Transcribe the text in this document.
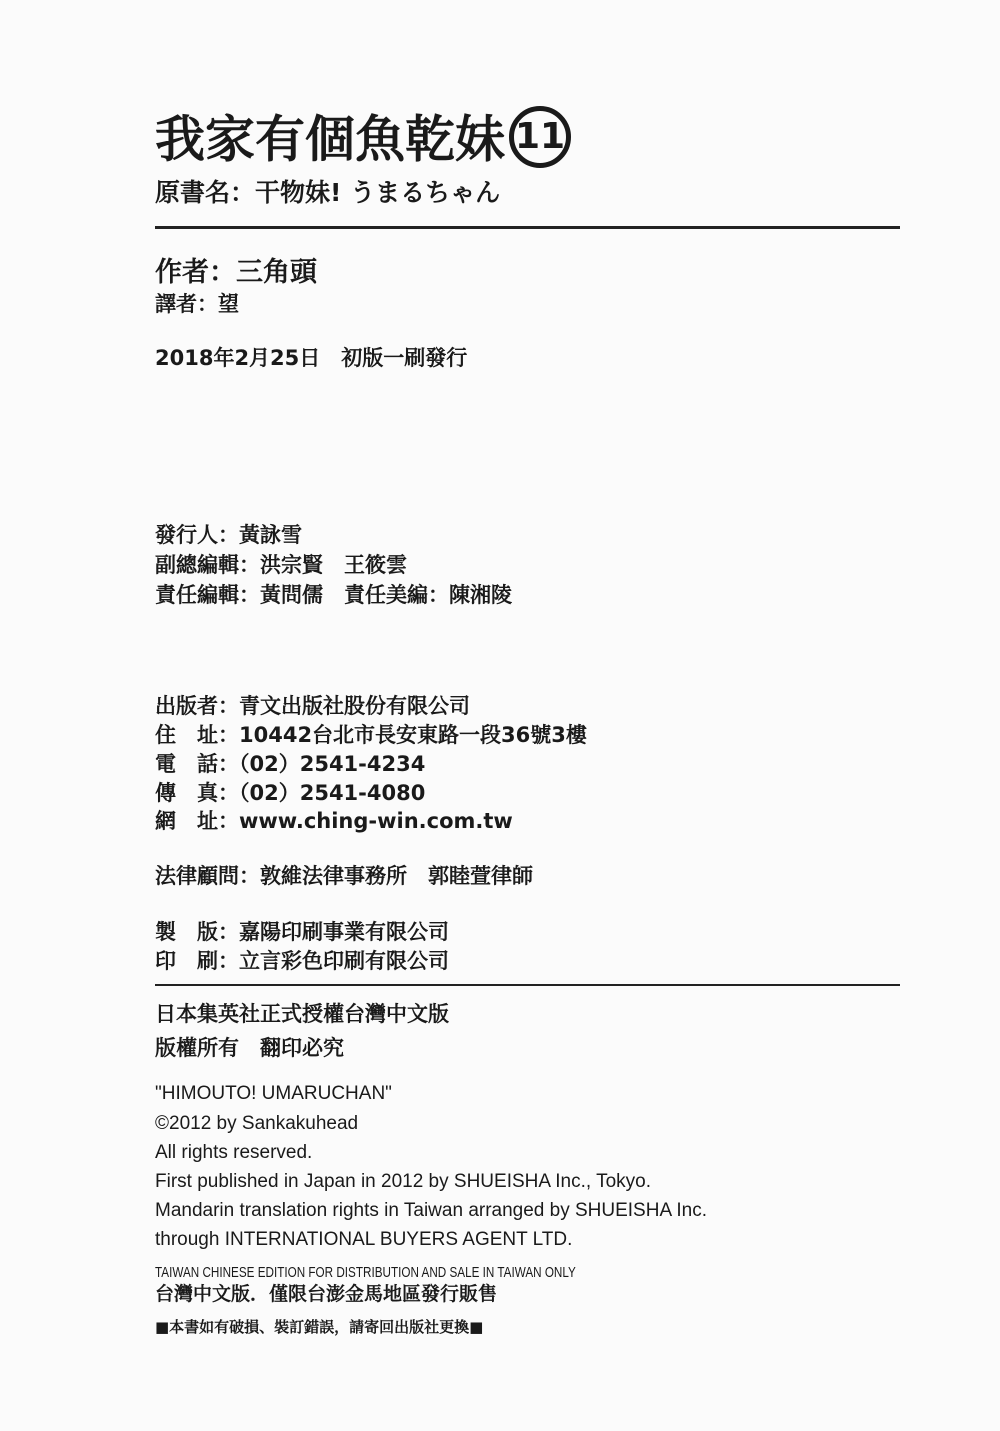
我家有個魚乾妹 11
原書名：干物妹! うまるちゃん
作者：三角頭
譯者：望
2018年2月25日　初版一刷發行
發行人：黃詠雪
副總編輯：洪宗賢　王筱雲
責任編輯：黃問儒　責任美編：陳湘陵
出版者：青文出版社股份有限公司
住　址：10442台北市長安東路一段36號3樓
電　話：（02）2541-4234
傳　真：（02）2541-4080
網　址：www.ching-win.com.tw
法律顧問：敦維法律事務所　郭睦萱律師
製　版：嘉陽印刷事業有限公司
印　刷：立言彩色印刷有限公司
日本集英社正式授權台灣中文版
版權所有　翻印必究
"HIMOUTO! UMARUCHAN"
©2012 by Sankakuhead
All rights reserved.
First published in Japan in 2012 by SHUEISHA Inc., Tokyo.
Mandarin translation rights in Taiwan arranged by SHUEISHA Inc.
through INTERNATIONAL BUYERS AGENT LTD.
TAIWAN CHINESE EDITION FOR DISTRIBUTION AND SALE IN TAIWAN ONLY
台灣中文版．僅限台澎金馬地區發行販售
■本書如有破損、裝訂錯誤，請寄回出版社更換■
